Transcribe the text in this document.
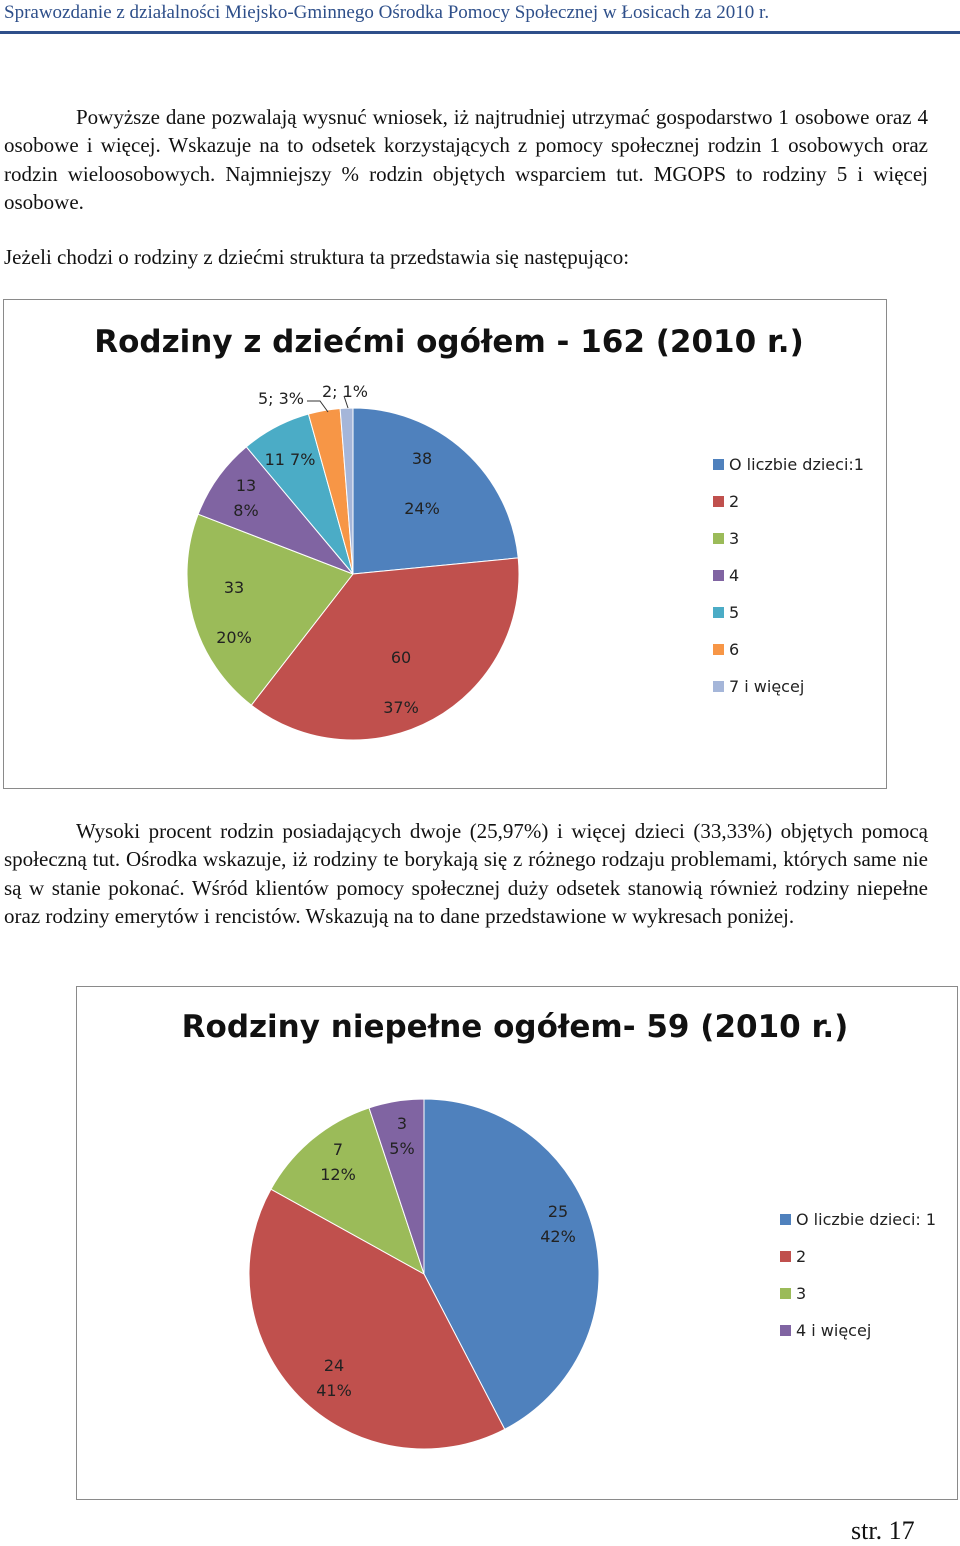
Sprawozdanie z działalności Miejsko-Gminnego Ośrodka Pomocy Społecznej w Łosicach za 2010 r.
Powyższe dane pozwalają wysnuć wniosek, iż najtrudniej utrzymać gospodarstwo 1 osobowe oraz 4 osobowe i więcej. Wskazuje na to odsetek korzystających z pomocy społecznej rodzin 1 osobowych oraz rodzin wieloosobowych. Najmniejszy % rodzin objętych wsparciem tut. MGOPS to rodziny 5 i więcej osobowe.
Jeżeli chodzi o rodziny z dziećmi struktura ta przedstawia się następująco:
Rodziny z dziećmi ogółem - 162 (2010 r.)
38
24%
60
37%
33
20%
13
8%
11 7%
5; 3% 2; 1%
O liczbie dzieci:1
2
3
4
5
6
7 i więcej
Wysoki procent rodzin posiadających dwoje (25,97%) i więcej dzieci (33,33%) objętych pomocą społeczną tut. Ośrodka wskazuje, iż rodziny te borykają się z różnego rodzaju problemami, których same nie są w stanie pokonać. Wśród klientów pomocy społecznej duży odsetek stanowią również rodziny niepełne oraz rodziny emerytów i rencistów. Wskazują na to dane przedstawione w wykresach poniżej.
Rodziny niepełne ogółem- 59 (2010 r.)
25
42%
24
41%
7
12%
3
5%
O liczbie dzieci: 1
2
3
4 i więcej
str. 17
